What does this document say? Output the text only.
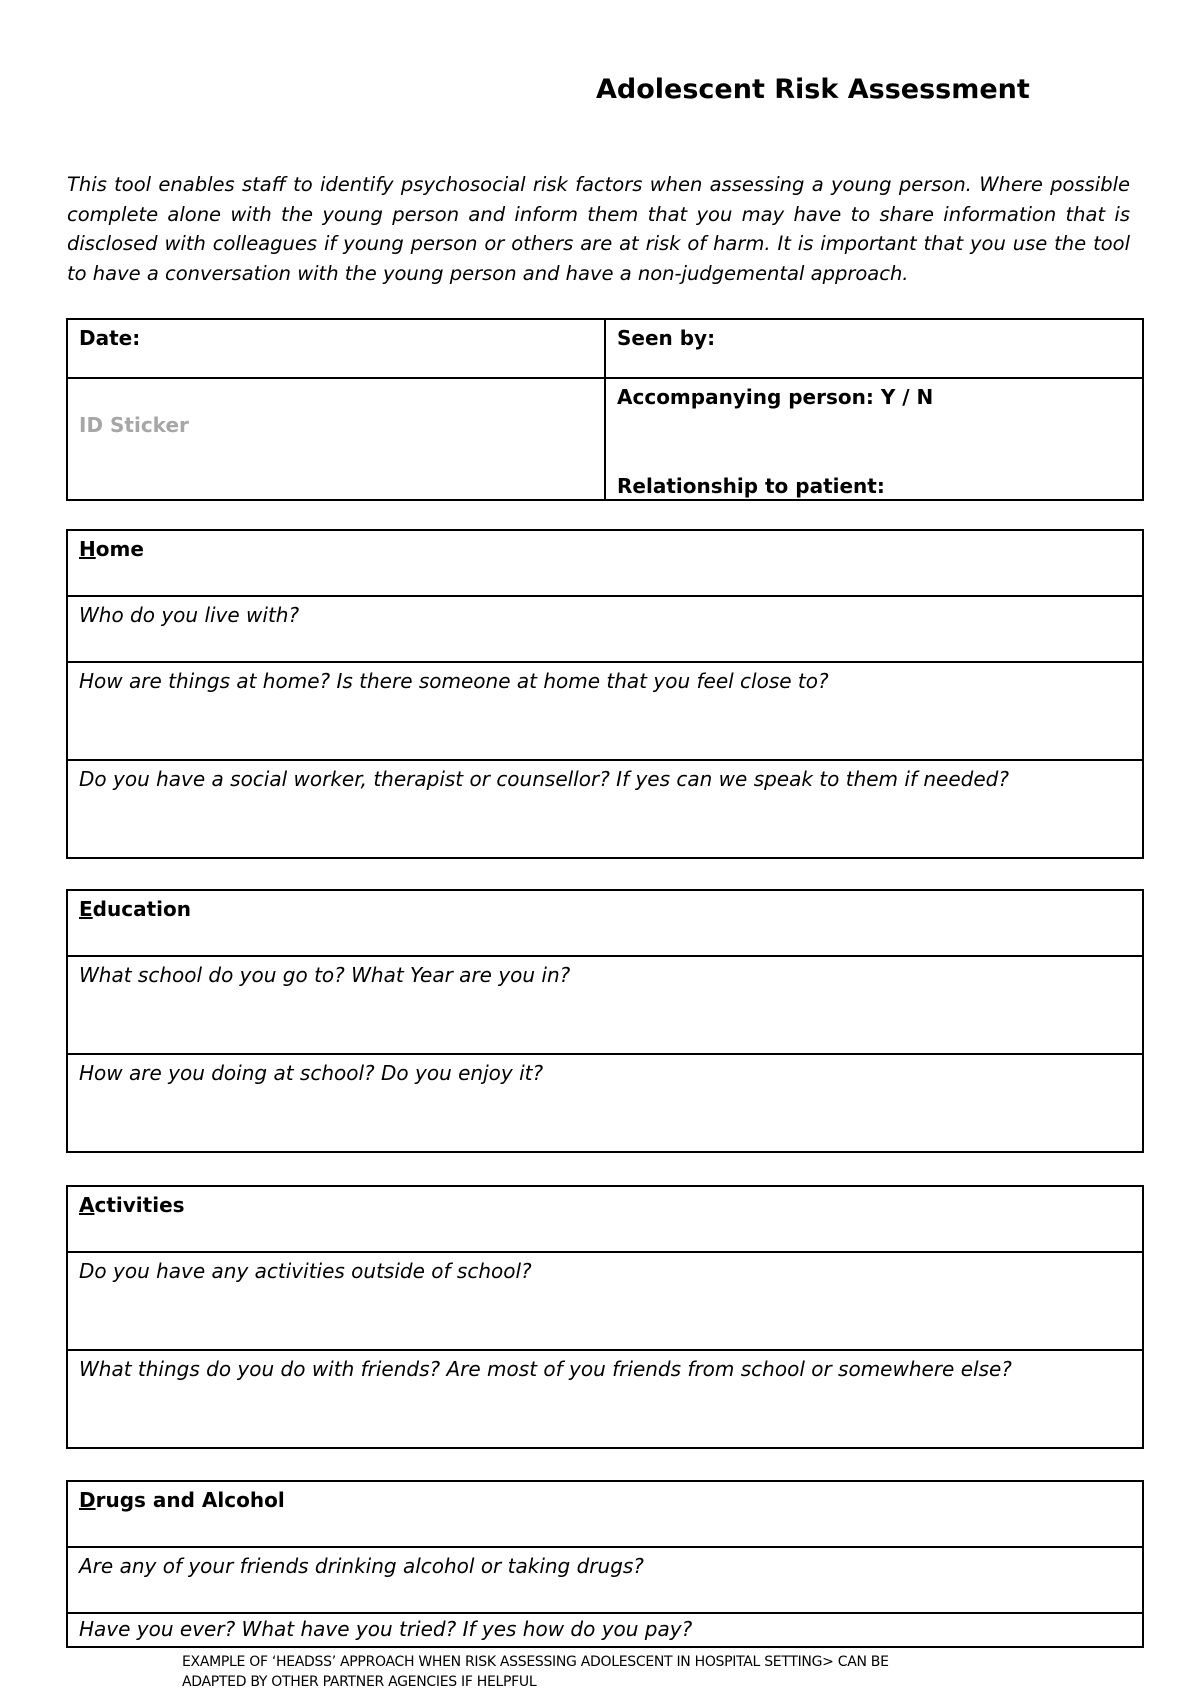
Adolescent Risk Assessment
This tool enables staff to identify psychosocial risk factors when assessing a young person. Where possible complete alone with the young person and inform them that you may have to share information that is disclosed with colleagues if young person or others are at risk of harm. It is important that you use the tool to have a conversation with the young person and have a non-judgemental approach.
Date:	Seen by:
ID Sticker	Accompanying person: Y / N
Relationship to patient:
Home
Who do you live with?
How are things at home? Is there someone at home that you feel close to?
Do you have a social worker, therapist or counsellor? If yes can we speak to them if needed?
Education
What school do you go to? What Year are you in?
How are you doing at school? Do you enjoy it?
Activities
Do you have any activities outside of school?
What things do you do with friends? Are most of you friends from school or somewhere else?
Drugs and Alcohol
Are any of your friends drinking alcohol or taking drugs?
Have you ever? What have you tried? If yes how do you pay?
EXAMPLE OF ‘HEADSS’ APPROACH WHEN RISK ASSESSING ADOLESCENT IN HOSPITAL SETTING> CAN BE
ADAPTED BY OTHER PARTNER AGENCIES IF HELPFUL
